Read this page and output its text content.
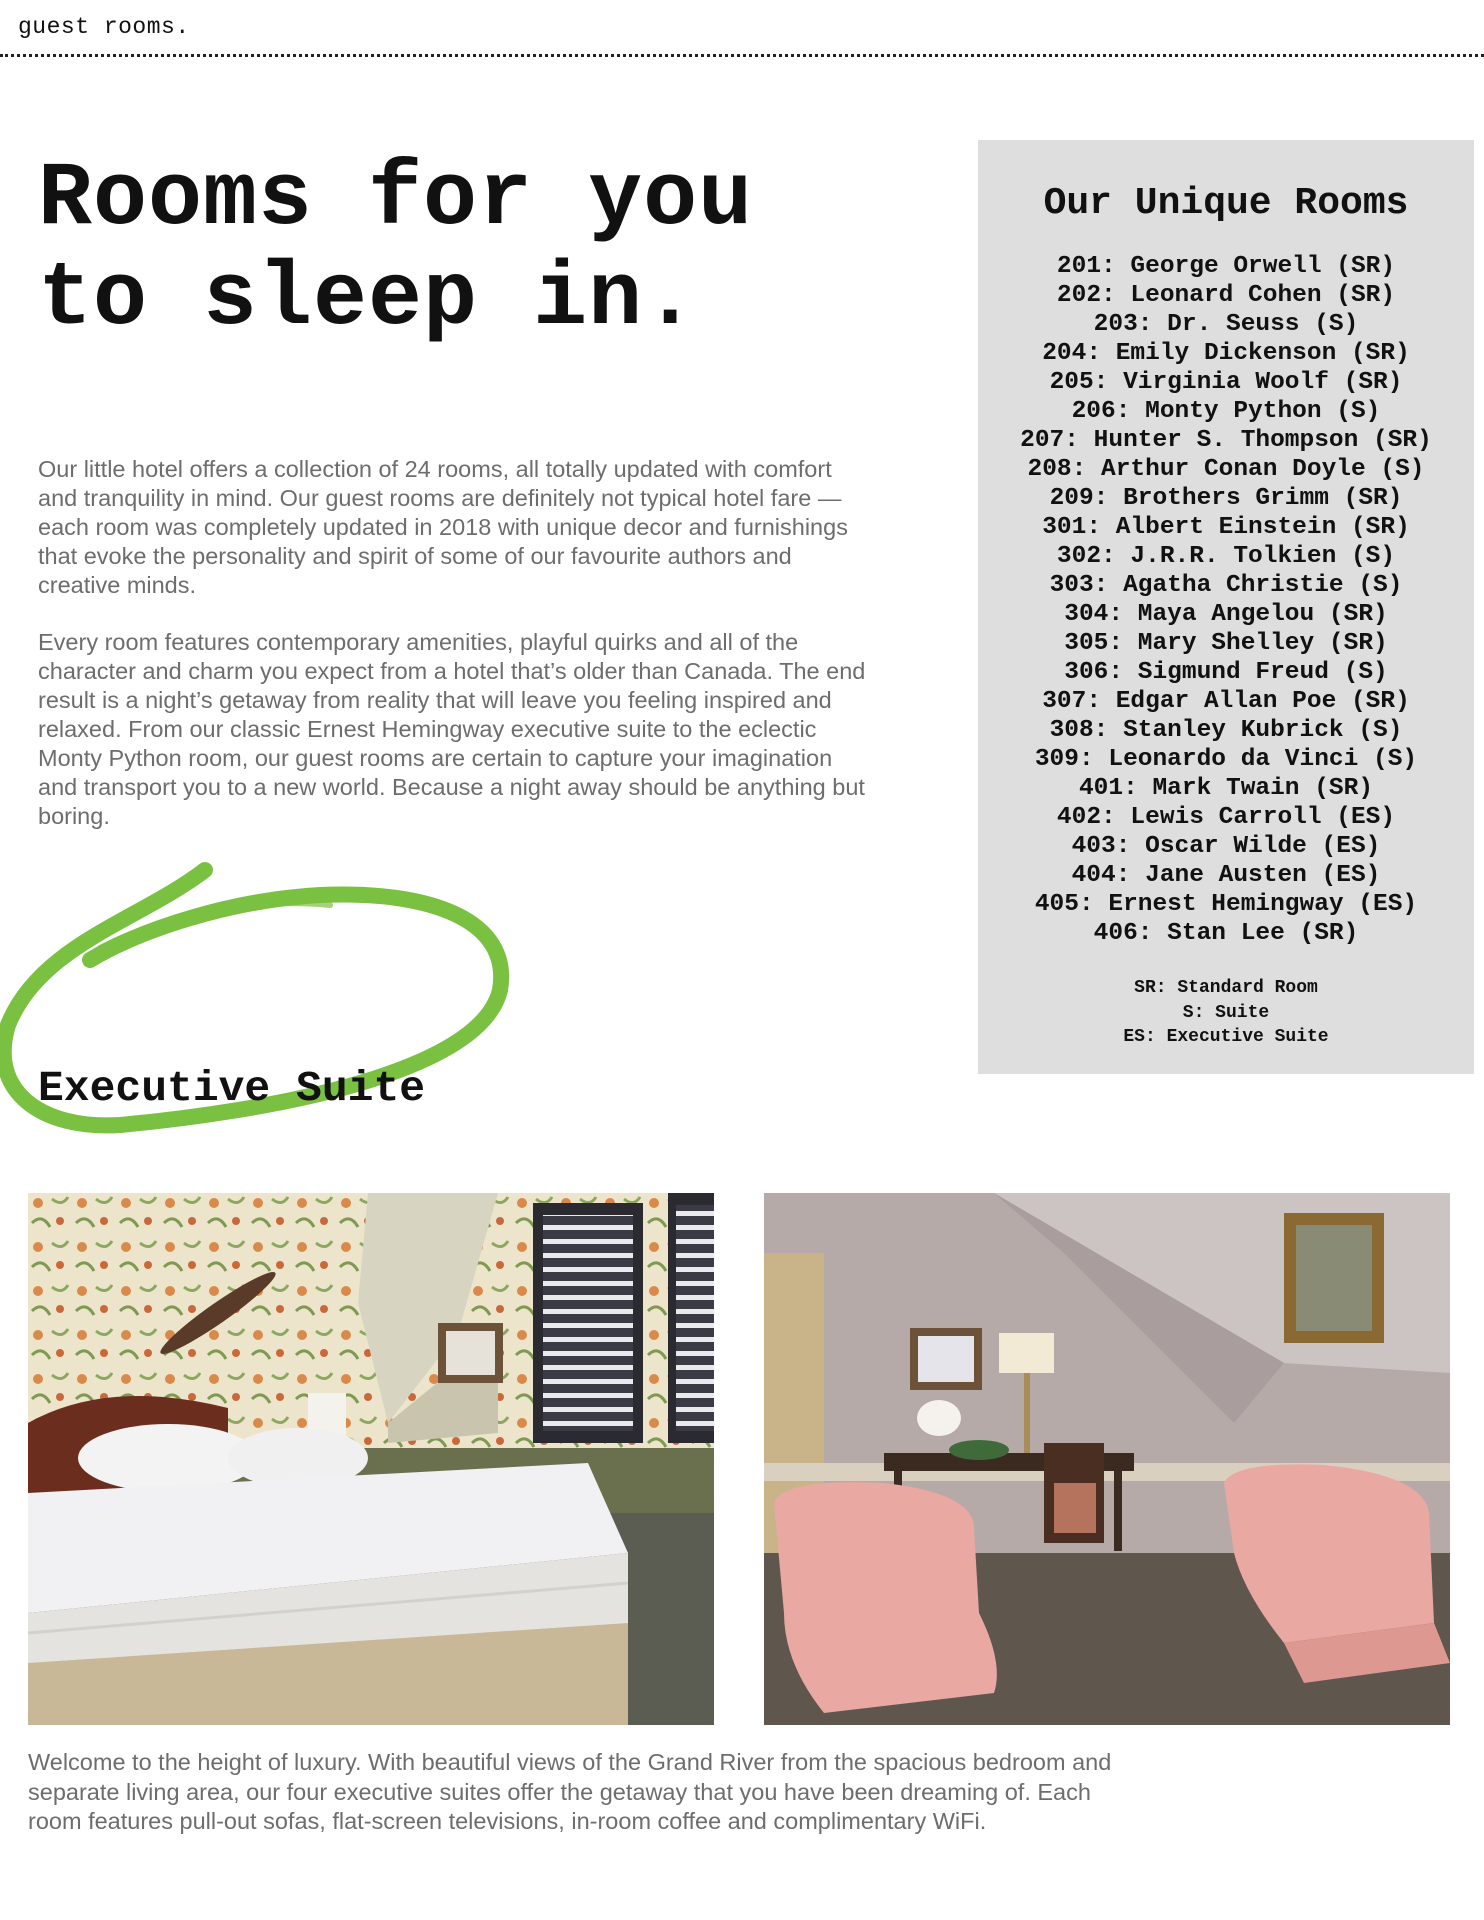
guest rooms.
Rooms for you
to sleep in.

Our little hotel offers a collection of 24 rooms, all totally updated with comfort and tranquility in mind. Our guest rooms are definitely not typical hotel fare — each room was completely updated in 2018 with unique decor and furnishings that evoke the personality and spirit of some of our favourite authors and creative minds.

Every room features contemporary amenities, playful quirks and all of the character and charm you expect from a hotel that’s older than Canada. The end result is a night’s getaway from reality that will leave you feeling inspired and relaxed. From our classic Ernest Hemingway executive suite to the eclectic Monty Python room, our guest rooms are certain to capture your imagination and transport you to a new world. Because a night away should be anything but boring.

Our Unique Rooms
201: George Orwell (SR)
202: Leonard Cohen (SR)
203: Dr. Seuss (S)
204: Emily Dickenson (SR)
205: Virginia Woolf (SR)
206: Monty Python (S)
207: Hunter S. Thompson (SR)
208: Arthur Conan Doyle (S)
209: Brothers Grimm (SR)
301: Albert Einstein (SR)
302: J.R.R. Tolkien (S)
303: Agatha Christie (S)
304: Maya Angelou (SR)
305: Mary Shelley (SR)
306: Sigmund Freud (S)
307: Edgar Allan Poe (SR)
308: Stanley Kubrick (S)
309: Leonardo da Vinci (S)
401: Mark Twain (SR)
402: Lewis Carroll (ES)
403: Oscar Wilde (ES)
404: Jane Austen (ES)
405: Ernest Hemingway (ES)
406: Stan Lee (SR)
SR: Standard Room
S: Suite
ES: Executive Suite
Executive Suite

Welcome to the height of luxury. With beautiful views of the Grand River from the spacious bedroom and separate living area, our four executive suites offer the getaway that you have been dreaming of. Each room features pull-out sofas, flat-screen televisions, in-room coffee and complimentary WiFi.
